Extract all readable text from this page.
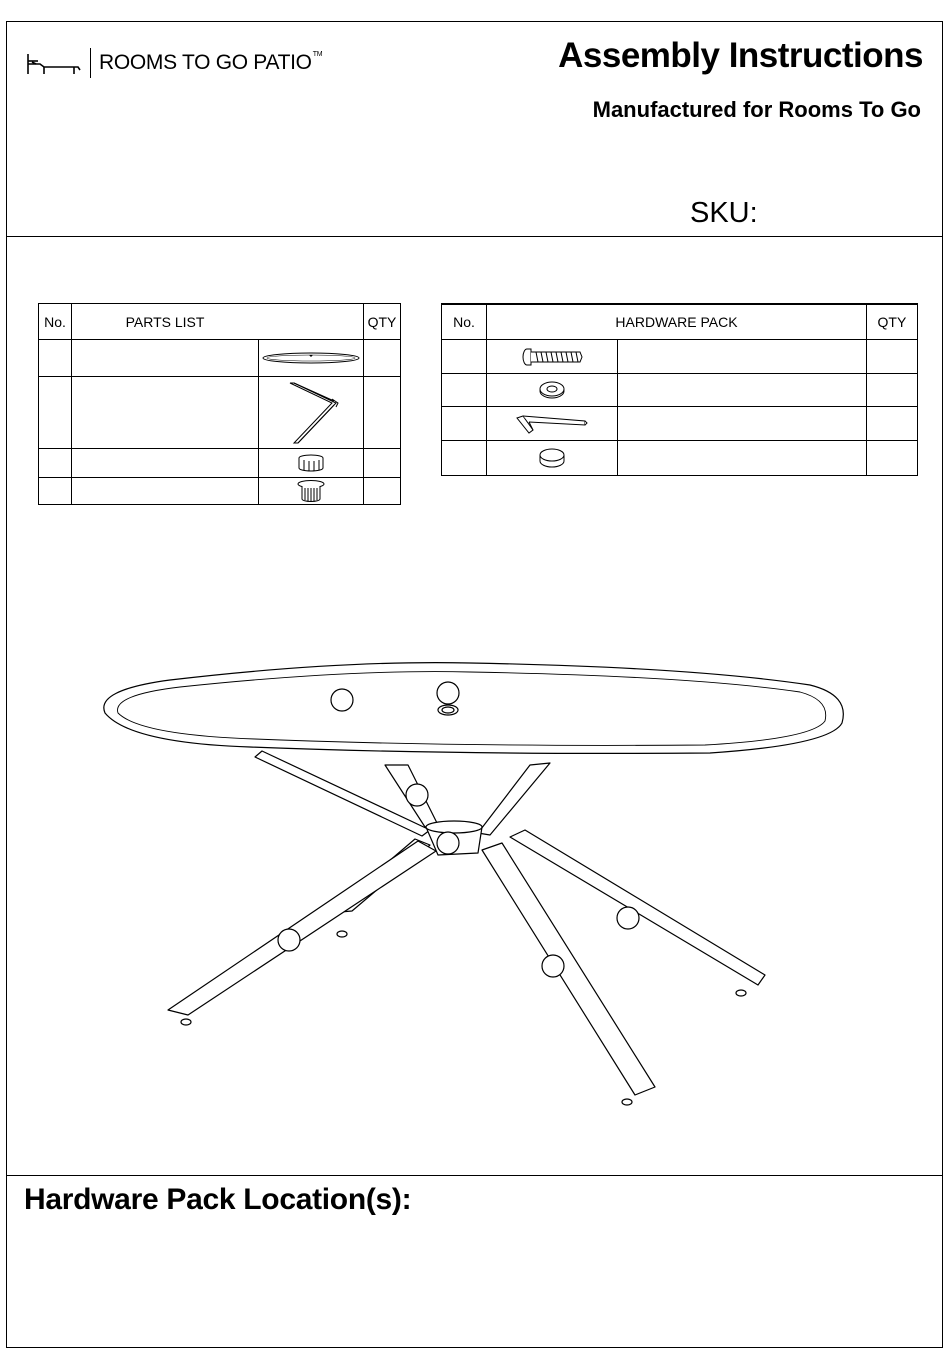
ROOMS TO GO PATIO™	Assembly Instructions
Manufactured for Rooms To Go
SKU:
No.	PARTS LIST		QTY

		No.	HARDWARE PACK		QTY

Hardware Pack Location(s):
